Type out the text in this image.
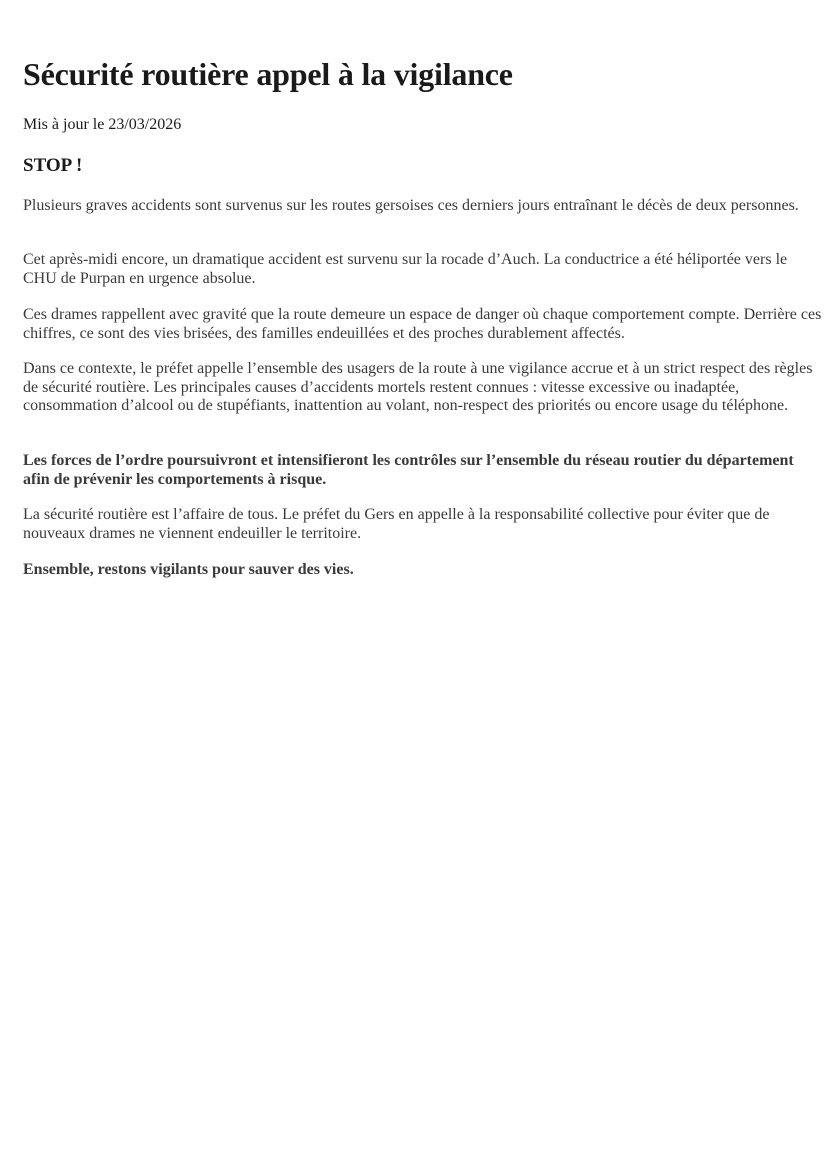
Sécurité routière appel à la vigilance

Mis à jour le 23/03/2026

STOP !

Plusieurs graves accidents sont survenus sur les routes gersoises ces derniers jours entraînant le décès de deux personnes.

Cet après-midi encore, un dramatique accident est survenu sur la rocade d’Auch. La conductrice a été héliportée vers le CHU de Purpan en urgence absolue.

Ces drames rappellent avec gravité que la route demeure un espace de danger où chaque comportement compte. Derrière ces chiffres, ce sont des vies brisées, des familles endeuillées et des proches durablement affectés.

Dans ce contexte, le préfet appelle l’ensemble des usagers de la route à une vigilance accrue et à un strict respect des règles de sécurité routière. Les principales causes d’accidents mortels restent connues : vitesse excessive ou inadaptée, consommation d’alcool ou de stupéfiants, inattention au volant, non-respect des priorités ou encore usage du téléphone.

Les forces de l’ordre poursuivront et intensifieront les contrôles sur l’ensemble du réseau routier du département afin de prévenir les comportements à risque.

La sécurité routière est l’affaire de tous. Le préfet du Gers en appelle à la responsabilité collective pour éviter que de nouveaux drames ne viennent endeuiller le territoire.

Ensemble, restons vigilants pour sauver des vies.
